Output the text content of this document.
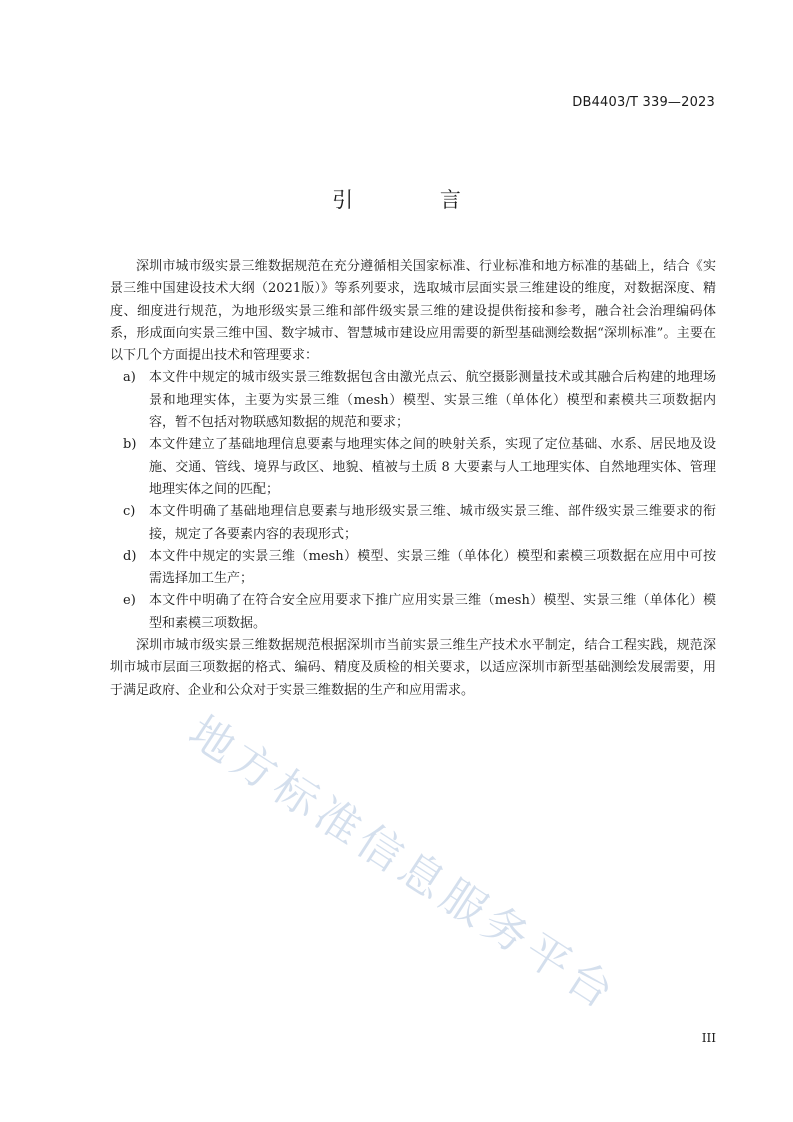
DB4403/T 339—2023
引 言

深圳市城市级实景三维数据规范在充分遵循相关国家标准、行业标准和地方标准的基础上，结合《实景三维中国建设技术大纲（2021版）》等系列要求，选取城市层面实景三维建设的维度，对数据深度、精度、细度进行规范，为地形级实景三维和部件级实景三维的建设提供衔接和参考，融合社会治理编码体系，形成面向实景三维中国、数字城市、智慧城市建设应用需要的新型基础测绘数据“深圳标准”。主要在以下几个方面提出技术和管理要求：

a) 本文件中规定的城市级实景三维数据包含由激光点云、航空摄影测量技术或其融合后构建的地理场景和地理实体，主要为实景三维（mesh）模型、实景三维（单体化）模型和素模共三项数据内容，暂不包括对物联感知数据的规范和要求；
b) 本文件建立了基础地理信息要素与地理实体之间的映射关系，实现了定位基础、水系、居民地及设施、交通、管线、境界与政区、地貌、植被与土质 8 大要素与人工地理实体、自然地理实体、管理地理实体之间的匹配；
c) 本文件明确了基础地理信息要素与地形级实景三维、城市级实景三维、部件级实景三维要求的衔接，规定了各要素内容的表现形式；
d) 本文件中规定的实景三维（mesh）模型、实景三维（单体化）模型和素模三项数据在应用中可按需选择加工生产；
e) 本文件中明确了在符合安全应用要求下推广应用实景三维（mesh）模型、实景三维（单体化）模型和素模三项数据。

深圳市城市级实景三维数据规范根据深圳市当前实景三维生产技术水平制定，结合工程实践，规范深圳市城市层面三项数据的格式、编码、精度及质检的相关要求，以适应深圳市新型基础测绘发展需要，用于满足政府、企业和公众对于实景三维数据的生产和应用需求。

地方标准信息服务平台
III
